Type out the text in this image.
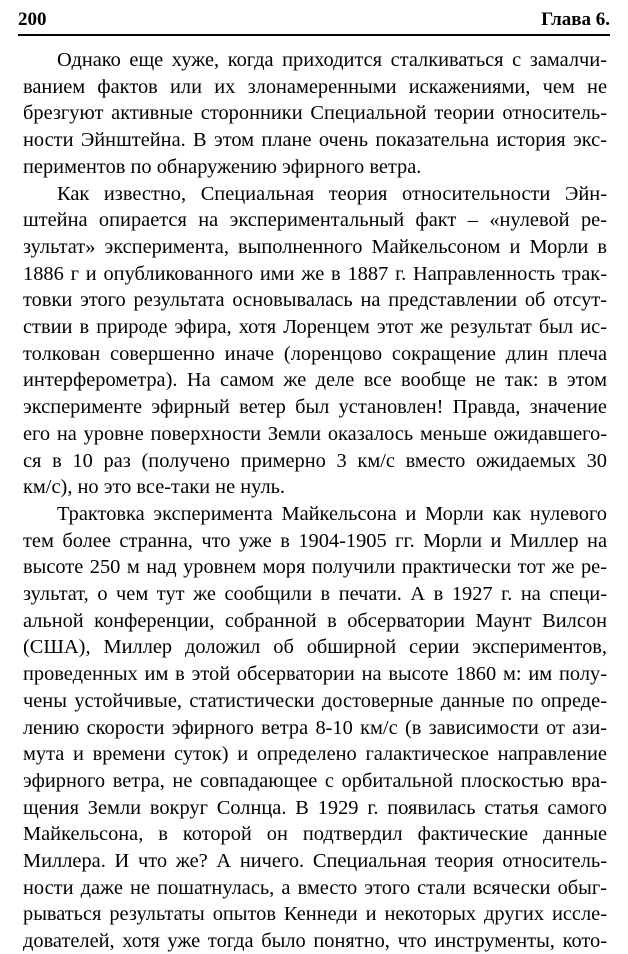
200	Глава 6.
Однако еще хуже, когда приходится сталкиваться с замалчи-
ванием фактов или их злонамеренными искажениями, чем не
брезгуют активные сторонники Специальной теории относитель-
ности Эйнштейна. В этом плане очень показательна история экс-
периментов по обнаружению эфирного ветра.
Как известно, Специальная теория относительности Эйн-
штейна опирается на экспериментальный факт – «нулевой ре-
зультат» эксперимента, выполненного Майкельсоном и Морли в
1886 г и опубликованного ими же в 1887 г. Направленность трак-
товки этого результата основывалась на представлении об отсут-
ствии в природе эфира, хотя Лоренцем этот же результат был ис-
толкован совершенно иначе (лоренцово сокращение длин плеча
интерферометра). На самом же деле все вообще не так: в этом
эксперименте эфирный ветер был установлен! Правда, значение
его на уровне поверхности Земли оказалось меньше ожидавшего-
ся в 10 раз (получено примерно 3 км/с вместо ожидаемых 30
км/с), но это все-таки не нуль.
Трактовка эксперимента Майкельсона и Морли как нулевого
тем более странна, что уже в 1904-1905 гг. Морли и Миллер на
высоте 250 м над уровнем моря получили практически тот же ре-
зультат, о чем тут же сообщили в печати. А в 1927 г. на специ-
альной конференции, собранной в обсерватории Маунт Вилсон
(США), Миллер доложил об обширной серии экспериментов,
проведенных им в этой обсерватории на высоте 1860 м: им полу-
чены устойчивые, статистически достоверные данные по опреде-
лению скорости эфирного ветра 8-10 км/с (в зависимости от ази-
мута и времени суток) и определено галактическое направление
эфирного ветра, не совпадающее с орбитальной плоскостью вра-
щения Земли вокруг Солнца. В 1929 г. появилась статья самого
Майкельсона, в которой он подтвердил фактические данные
Миллера. И что же? А ничего. Специальная теория относитель-
ности даже не пошатнулась, а вместо этого стали всячески обыг-
рываться результаты опытов Кеннеди и некоторых других иссле-
дователей, хотя уже тогда было понятно, что инструменты, кото-
